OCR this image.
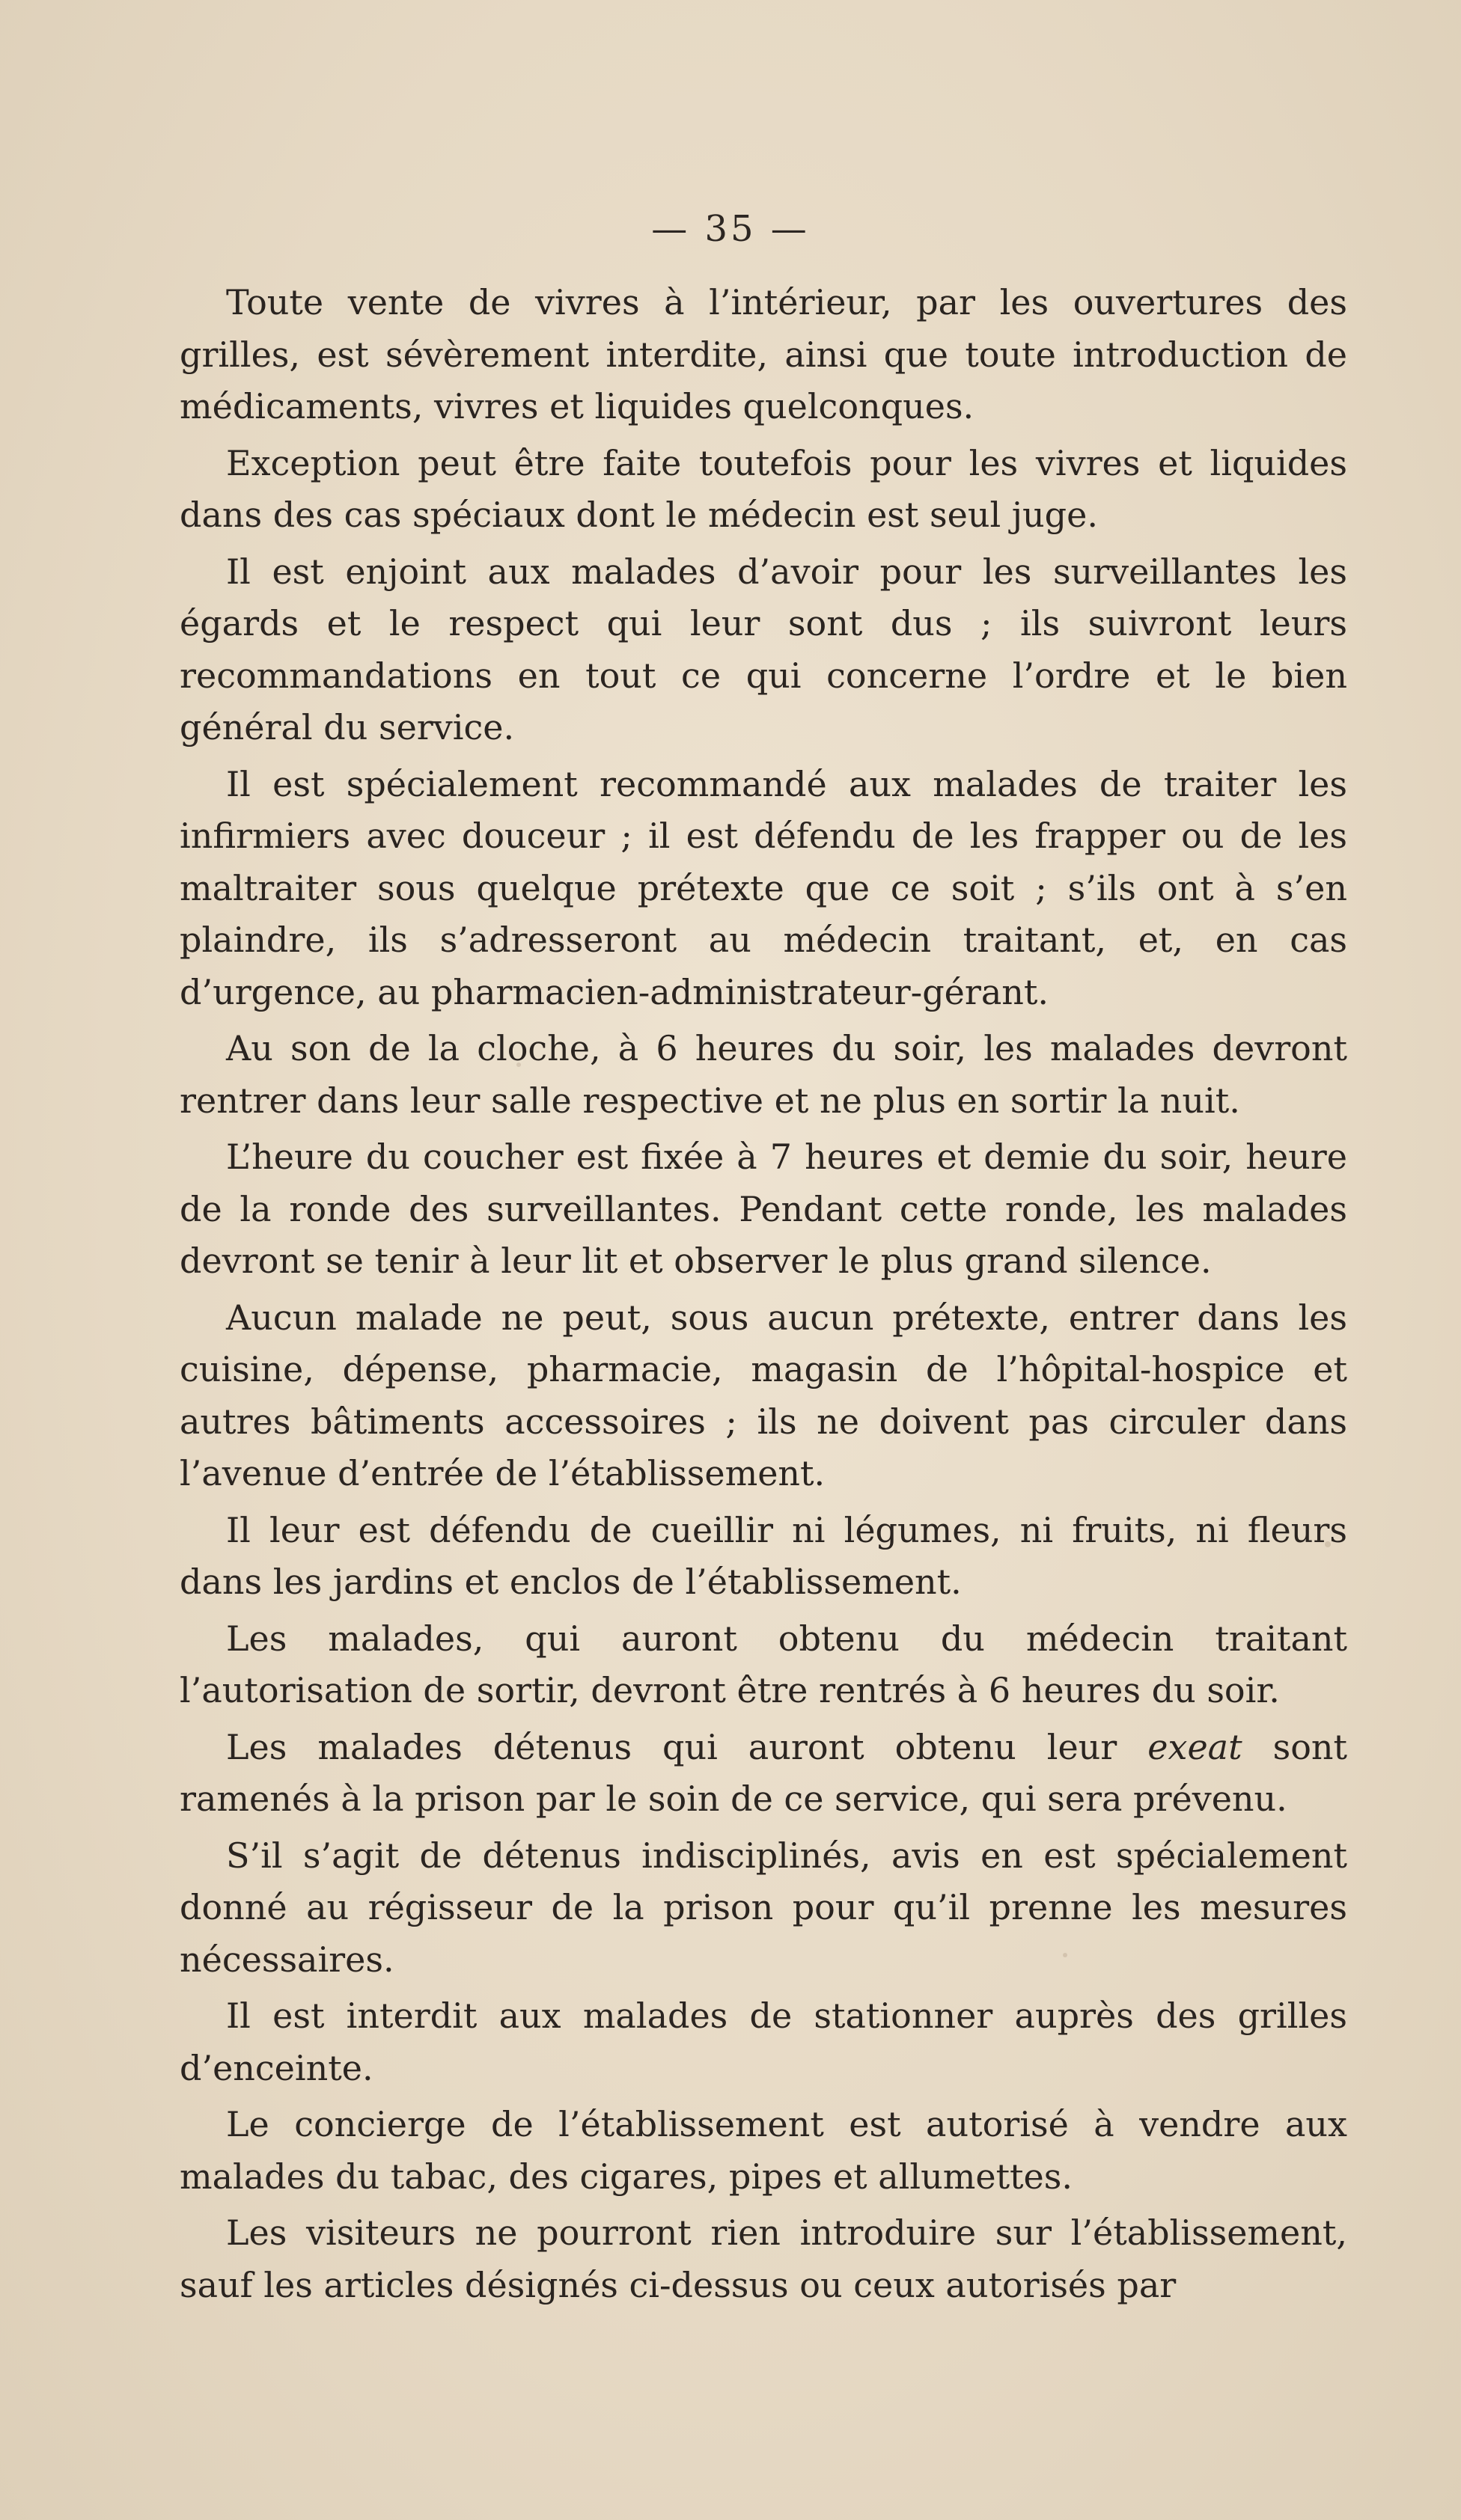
— 35 —

Toute vente de vivres à l’intérieur, par les ouvertures des grilles, est sévèrement interdite, ainsi que toute introduction de médicaments, vivres et liquides quelconques.

Exception peut être faite toutefois pour les vivres et liquides dans des cas spéciaux dont le médecin est seul juge.

Il est enjoint aux malades d’avoir pour les surveillantes les égards et le respect qui leur sont dus ; ils suivront leurs recommandations en tout ce qui concerne l’ordre et le bien général du service.

Il est spécialement recommandé aux malades de traiter les infirmiers avec douceur ; il est défendu de les frapper ou de les maltraiter sous quelque prétexte que ce soit ; s’ils ont à s’en plaindre, ils s’adresseront au médecin traitant, et, en cas d’urgence, au pharmacien-administrateur-gérant.

Au son de la cloche, à 6 heures du soir, les malades devront rentrer dans leur salle respective et ne plus en sortir la nuit.

L’heure du coucher est fixée à 7 heures et demie du soir, heure de la ronde des surveillantes. Pendant cette ronde, les malades devront se tenir à leur lit et observer le plus grand silence.

Aucun malade ne peut, sous aucun prétexte, entrer dans les cuisine, dépense, pharmacie, magasin de l’hôpital-hospice et autres bâtiments accessoires ; ils ne doivent pas circuler dans l’avenue d’entrée de l’établissement.

Il leur est défendu de cueillir ni légumes, ni fruits, ni fleurs dans les jardins et enclos de l’établissement.

Les malades, qui auront obtenu du médecin traitant l’autorisation de sortir, devront être rentrés à 6 heures du soir.

Les malades détenus qui auront obtenu leur exeat sont ramenés à la prison par le soin de ce service, qui sera prévenu.

S’il s’agit de détenus indisciplinés, avis en est spécialement donné au régisseur de la prison pour qu’il prenne les mesures nécessaires.

Il est interdit aux malades de stationner auprès des grilles d’enceinte.

Le concierge de l’établissement est autorisé à vendre aux malades du tabac, des cigares, pipes et allumettes.

Les visiteurs ne pourront rien introduire sur l’établissement, sauf les articles désignés ci-dessus ou ceux autorisés par
